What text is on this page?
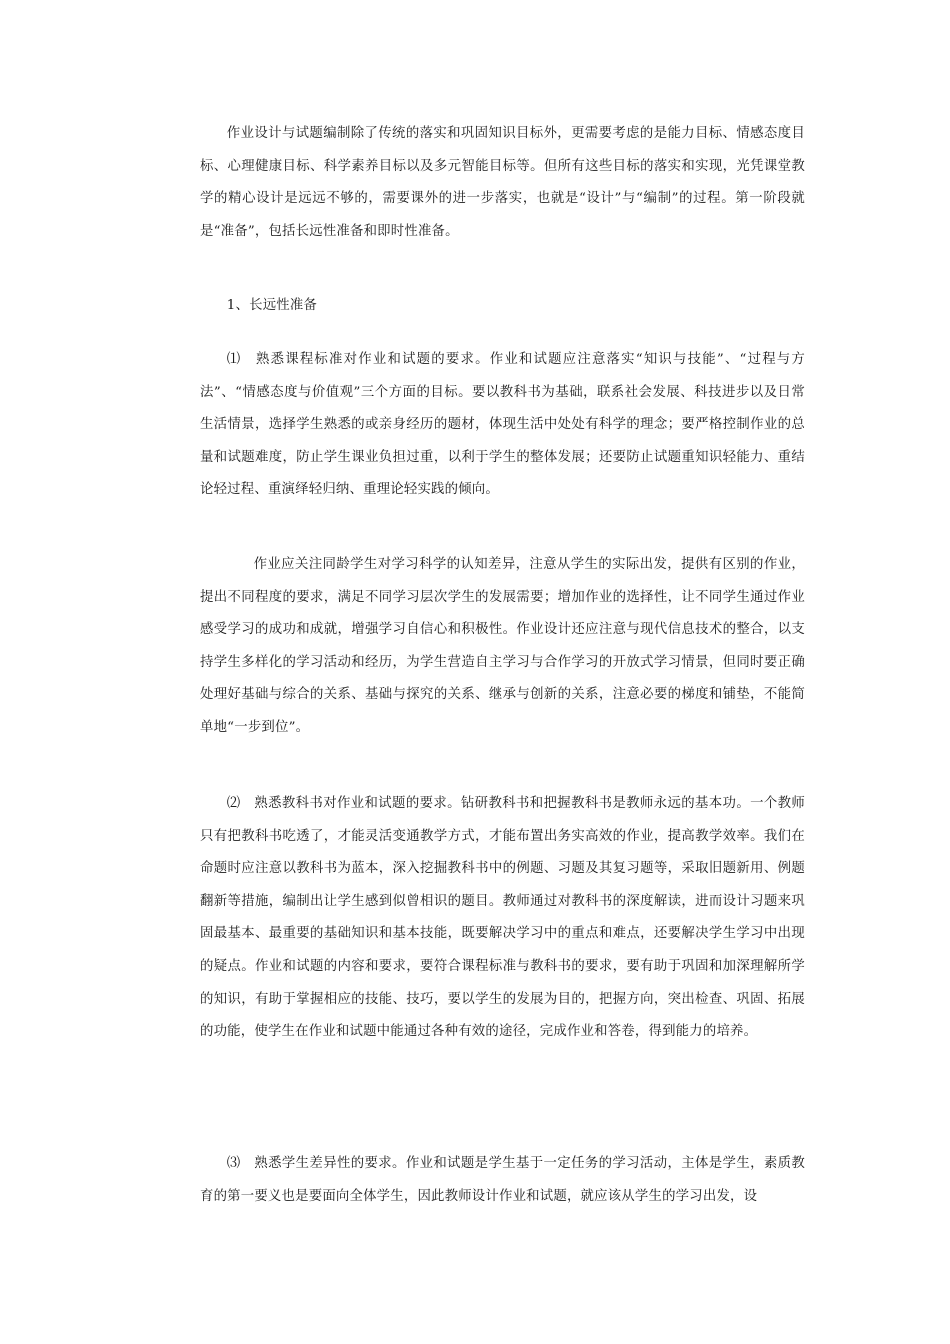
作业设计与试题编制除了传统的落实和巩固知识目标外，更需要考虑的是能力目标、情感态度目标、心理健康目标、科学素养目标以及多元智能目标等。但所有这些目标的落实和实现，光凭课堂教学的精心设计是远远不够的，需要课外的进一步落实，也就是“设计”与“编制”的过程。第一阶段就是“准备”，包括长远性准备和即时性准备。

1、长远性准备

⑴　熟悉课程标准对作业和试题的要求。作业和试题应注意落实“知识与技能”、“过程与方法”、“情感态度与价值观”三个方面的目标。要以教科书为基础，联系社会发展、科技进步以及日常生活情景，选择学生熟悉的或亲身经历的题材，体现生活中处处有科学的理念；要严格控制作业的总量和试题难度，防止学生课业负担过重，以利于学生的整体发展；还要防止试题重知识轻能力、重结论轻过程、重演绎轻归纳、重理论轻实践的倾向。

作业应关注同龄学生对学习科学的认知差异，注意从学生的实际出发，提供有区别的作业，提出不同程度的要求，满足不同学习层次学生的发展需要；增加作业的选择性，让不同学生通过作业感受学习的成功和成就，增强学习自信心和积极性。作业设计还应注意与现代信息技术的整合，以支持学生多样化的学习活动和经历，为学生营造自主学习与合作学习的开放式学习情景，但同时要正确处理好基础与综合的关系、基础与探究的关系、继承与创新的关系，注意必要的梯度和铺垫，不能简单地“一步到位”。

⑵　熟悉教科书对作业和试题的要求。钻研教科书和把握教科书是教师永远的基本功。一个教师只有把教科书吃透了，才能灵活变通教学方式，才能布置出务实高效的作业，提高教学效率。我们在命题时应注意以教科书为蓝本，深入挖掘教科书中的例题、习题及其复习题等，采取旧题新用、例题翻新等措施，编制出让学生感到似曾相识的题目。教师通过对教科书的深度解读，进而设计习题来巩固最基本、最重要的基础知识和基本技能，既要解决学习中的重点和难点，还要解决学生学习中出现的疑点。作业和试题的内容和要求，要符合课程标准与教科书的要求，要有助于巩固和加深理解所学的知识，有助于掌握相应的技能、技巧，要以学生的发展为目的，把握方向，突出检查、巩固、拓展的功能，使学生在作业和试题中能通过各种有效的途径，完成作业和答卷，得到能力的培养。

⑶　熟悉学生差异性的要求。作业和试题是学生基于一定任务的学习活动，主体是学生，素质教育的第一要义也是要面向全体学生，因此教师设计作业和试题，就应该从学生的学习出发，设
